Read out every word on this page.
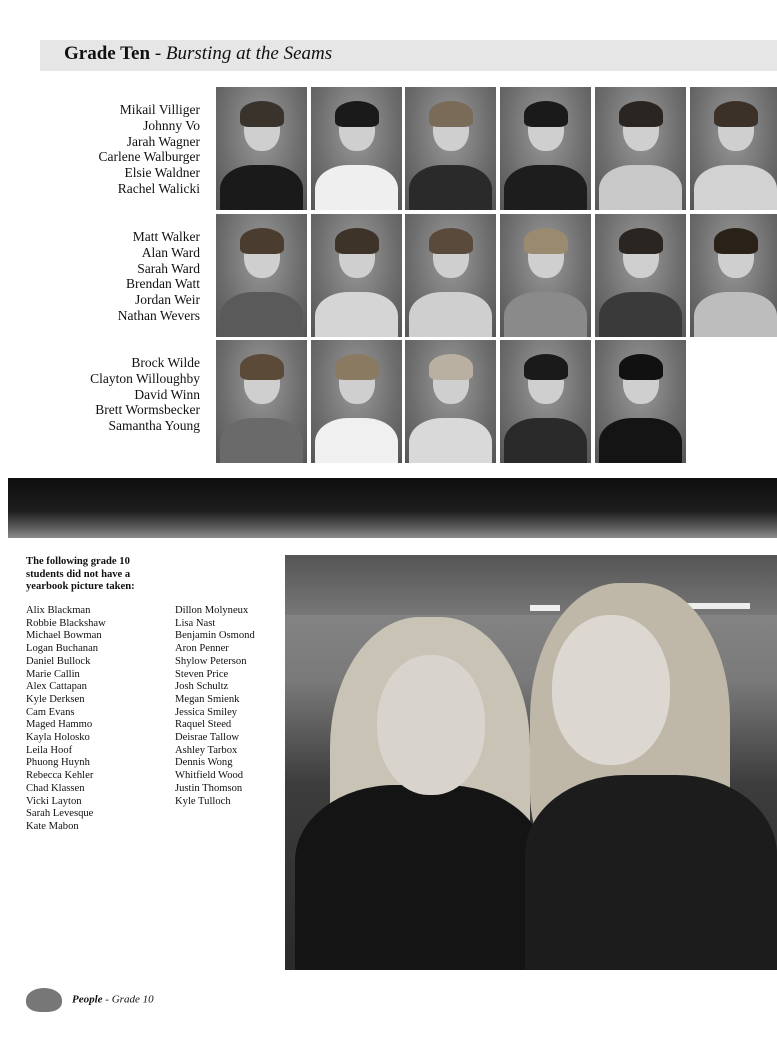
Grade Ten - Bursting at the Seams
Mikail Villiger
Johnny Vo
Jarah Wagner
Carlene Walburger
Elsie Waldner
Rachel Walicki
Matt Walker
Alan Ward
Sarah Ward
Brendan Watt
Jordan Weir
Nathan Wevers
Brock Wilde
Clayton Willoughby
David Winn
Brett Wormsbecker
Samantha Young
The following grade 10 students did not have a yearbook picture taken:
Alix Blackman
Robbie Blackshaw
Michael Bowman
Logan Buchanan
Daniel Bullock
Marie Callin
Alex Cattapan
Kyle Derksen
Cam Evans
Maged Hammo
Kayla Holosko
Leila Hoof
Phuong Huynh
Rebecca Kehler
Chad Klassen
Vicki Layton
Sarah Levesque
Kate Mabon
Dillon Molyneux
Lisa Nast
Benjamin Osmond
Aron Penner
Shylow Peterson
Steven Price
Josh Schultz
Megan Smienk
Jessica Smiley
Raquel Steed
Deisrae Tallow
Ashley Tarbox
Dennis Wong
Whitfield Wood
Justin Thomson
Kyle Tulloch
People - Grade 10
